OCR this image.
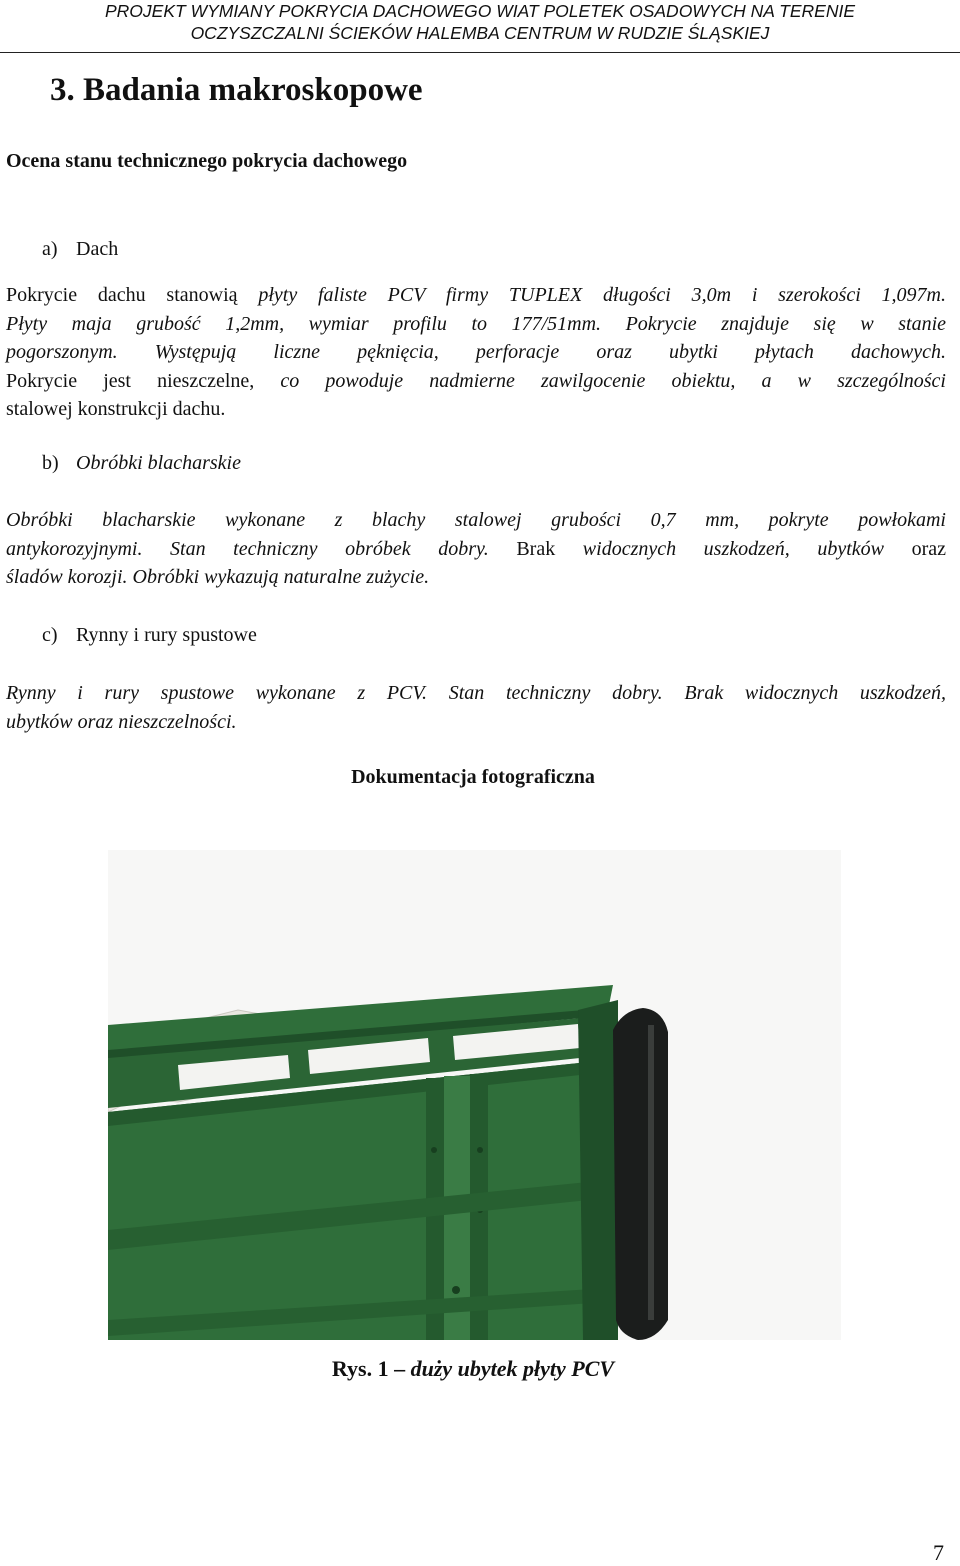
PROJEKT WYMIANY POKRYCIA DACHOWEGO WIAT POLETEK OSADOWYCH NA TERENIE
OCZYSZCZALNI ŚCIEKÓW HALEMBA CENTRUM W RUDZIE ŚLĄSKIEJ
3. Badania makroskopowe
Ocena stanu technicznego pokrycia dachowego
a) Dach
Pokrycie dachu stanowią płyty faliste PCV firmy TUPLEX długości 3,0m i szerokości 1,097m.
Płyty maja grubość 1,2mm, wymiar profilu to 177/51mm. Pokrycie znajduje się w stanie
pogorszonym. Występują liczne pęknięcia, perforacje oraz ubytki płytach dachowych.
Pokrycie jest nieszczelne, co powoduje nadmierne zawilgocenie obiektu, a w szczególności
stalowej konstrukcji dachu.
b) Obróbki blacharskie
Obróbki blacharskie wykonane z blachy stalowej grubości 0,7 mm, pokryte powłokami
antykorozyjnymi. Stan techniczny obróbek dobry. Brak widocznych uszkodzeń, ubytków oraz
śladów korozji. Obróbki wykazują naturalne zużycie.
c) Rynny i rury spustowe
Rynny i rury spustowe wykonane z PCV. Stan techniczny dobry. Brak widocznych uszkodzeń,
ubytków oraz nieszczelności.
Dokumentacja fotograficzna
Rys. 1 – duży ubytek płyty PCV
7
